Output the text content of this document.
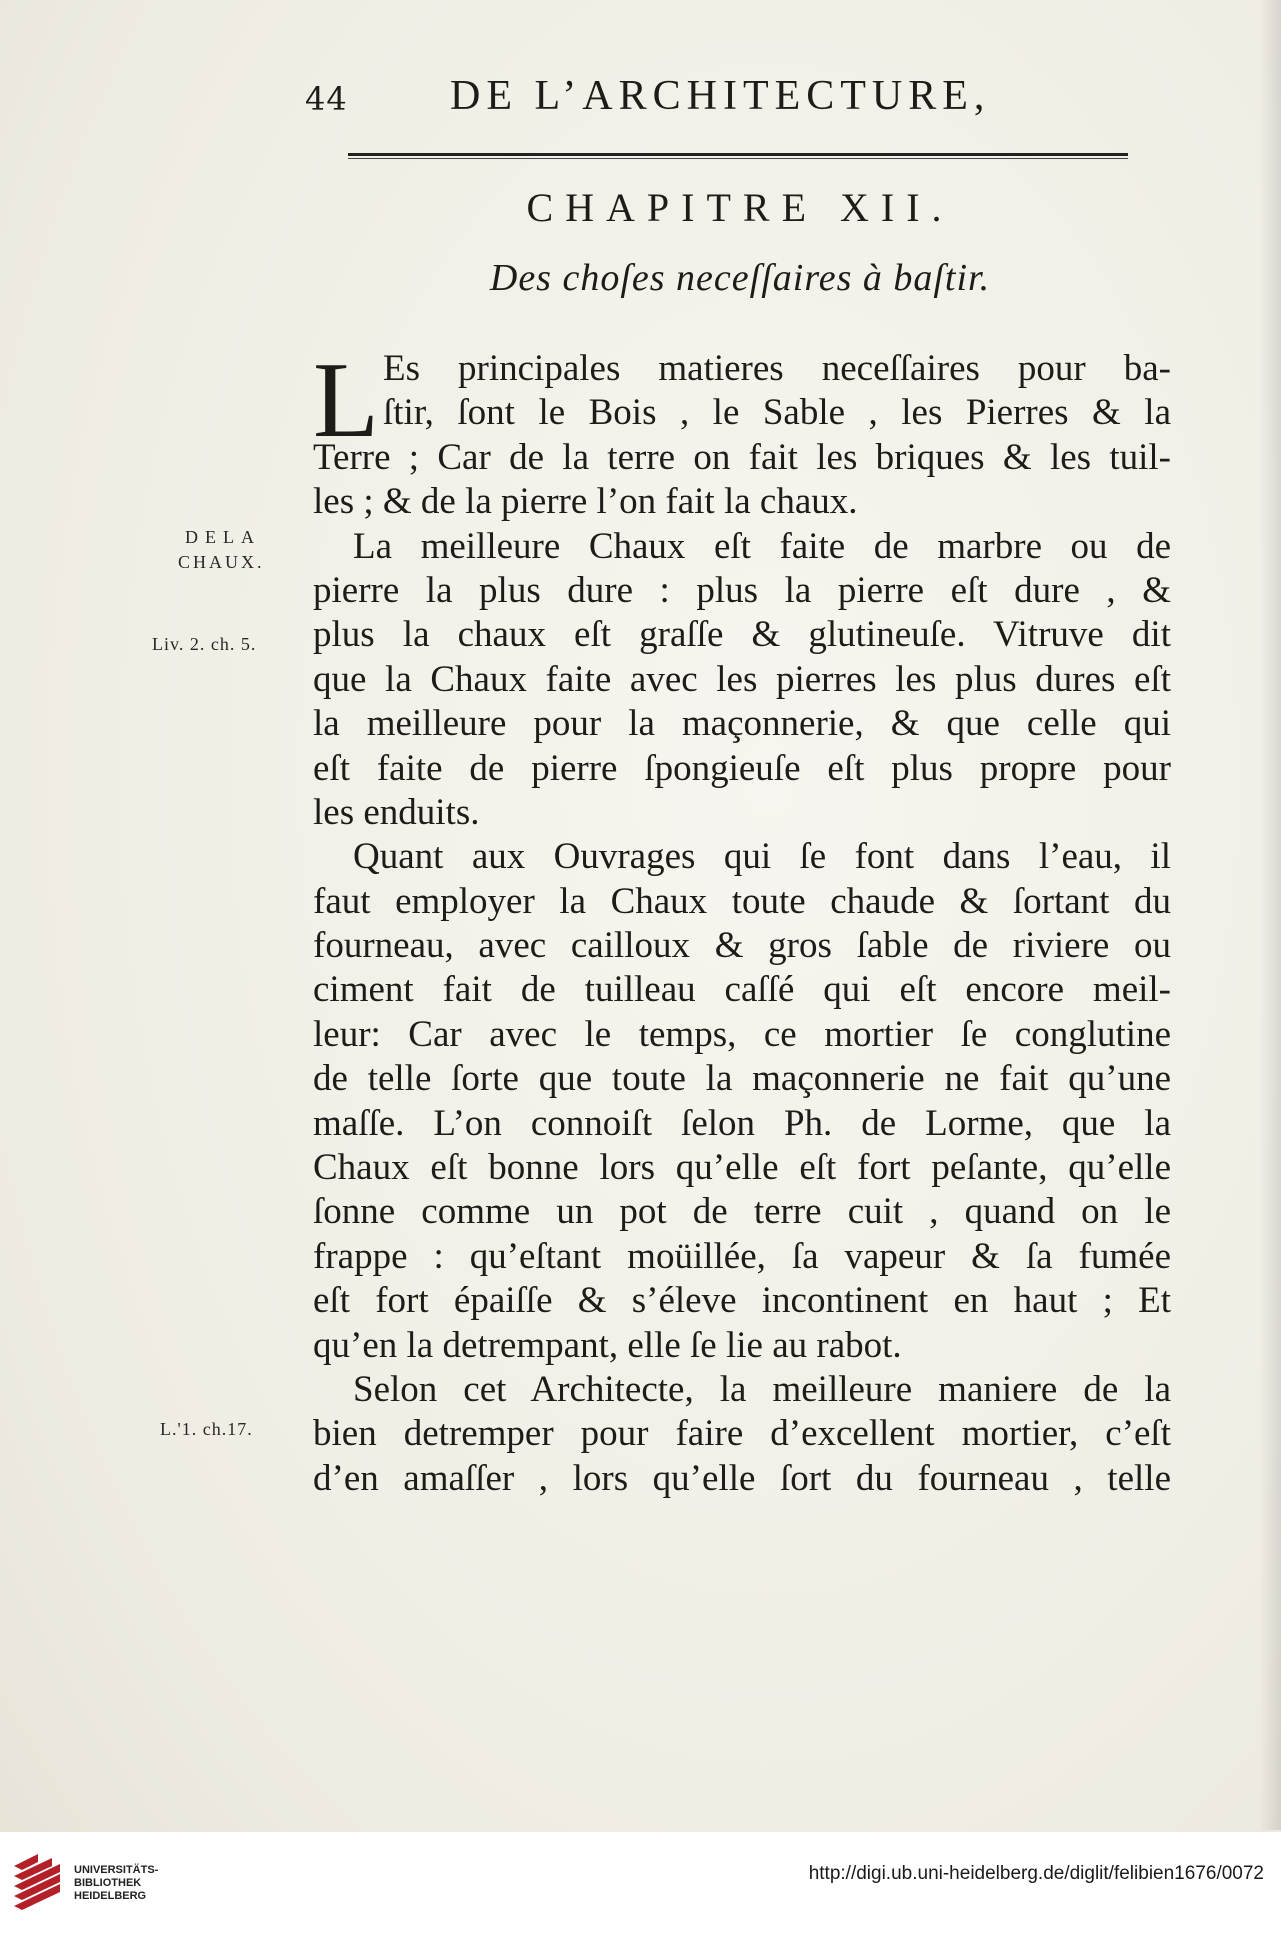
44 DE L’ARCHITECTURE,
CHAPITRE XII.
Des choſes neceſſaires à baſtir.
DELA
CHAUX.
Liv. 2. ch. 5.
L.'1. ch.17.
L Es principales matieres neceſſaires pour ba-
ſtir, ſont le Bois , le Sable , les Pierres & la
Terre ; Car de la terre on fait les briques & les tuil-
les ; & de la pierre l’on fait la chaux.
La meilleure Chaux eſt faite de marbre ou de
pierre la plus dure : plus la pierre eſt dure , &
plus la chaux eſt graſſe & glutineuſe. Vitruve dit
que la Chaux faite avec les pierres les plus dures eſt
la meilleure pour la maçonnerie, & que celle qui
eſt faite de pierre ſpongieuſe eſt plus propre pour
les enduits.
Quant aux Ouvrages qui ſe font dans l’eau, il
faut employer la Chaux toute chaude & ſortant du
fourneau, avec cailloux & gros ſable de riviere ou
ciment fait de tuilleau caſſé qui eſt encore meil-
leur: Car avec le temps, ce mortier ſe conglutine
de telle ſorte que toute la maçonnerie ne fait qu’une
maſſe. L’on connoiſt ſelon Ph. de Lorme, que la
Chaux eſt bonne lors qu’elle eſt fort peſante, qu’elle
ſonne comme un pot de terre cuit , quand on le
frappe : qu’eſtant moüillée, ſa vapeur & ſa fumée
eſt fort épaiſſe & s’éleve incontinent en haut ; Et
qu’en la detrempant, elle ſe lie au rabot.
Selon cet Architecte, la meilleure maniere de la
bien detremper pour faire d’excellent mortier, c’eſt
d’en amaſſer , lors qu’elle ſort du fourneau , telle
UNIVERSITÄTS-
BIBLIOTHEK
HEIDELBERG
http://digi.ub.uni-heidelberg.de/diglit/felibien1676/0072
